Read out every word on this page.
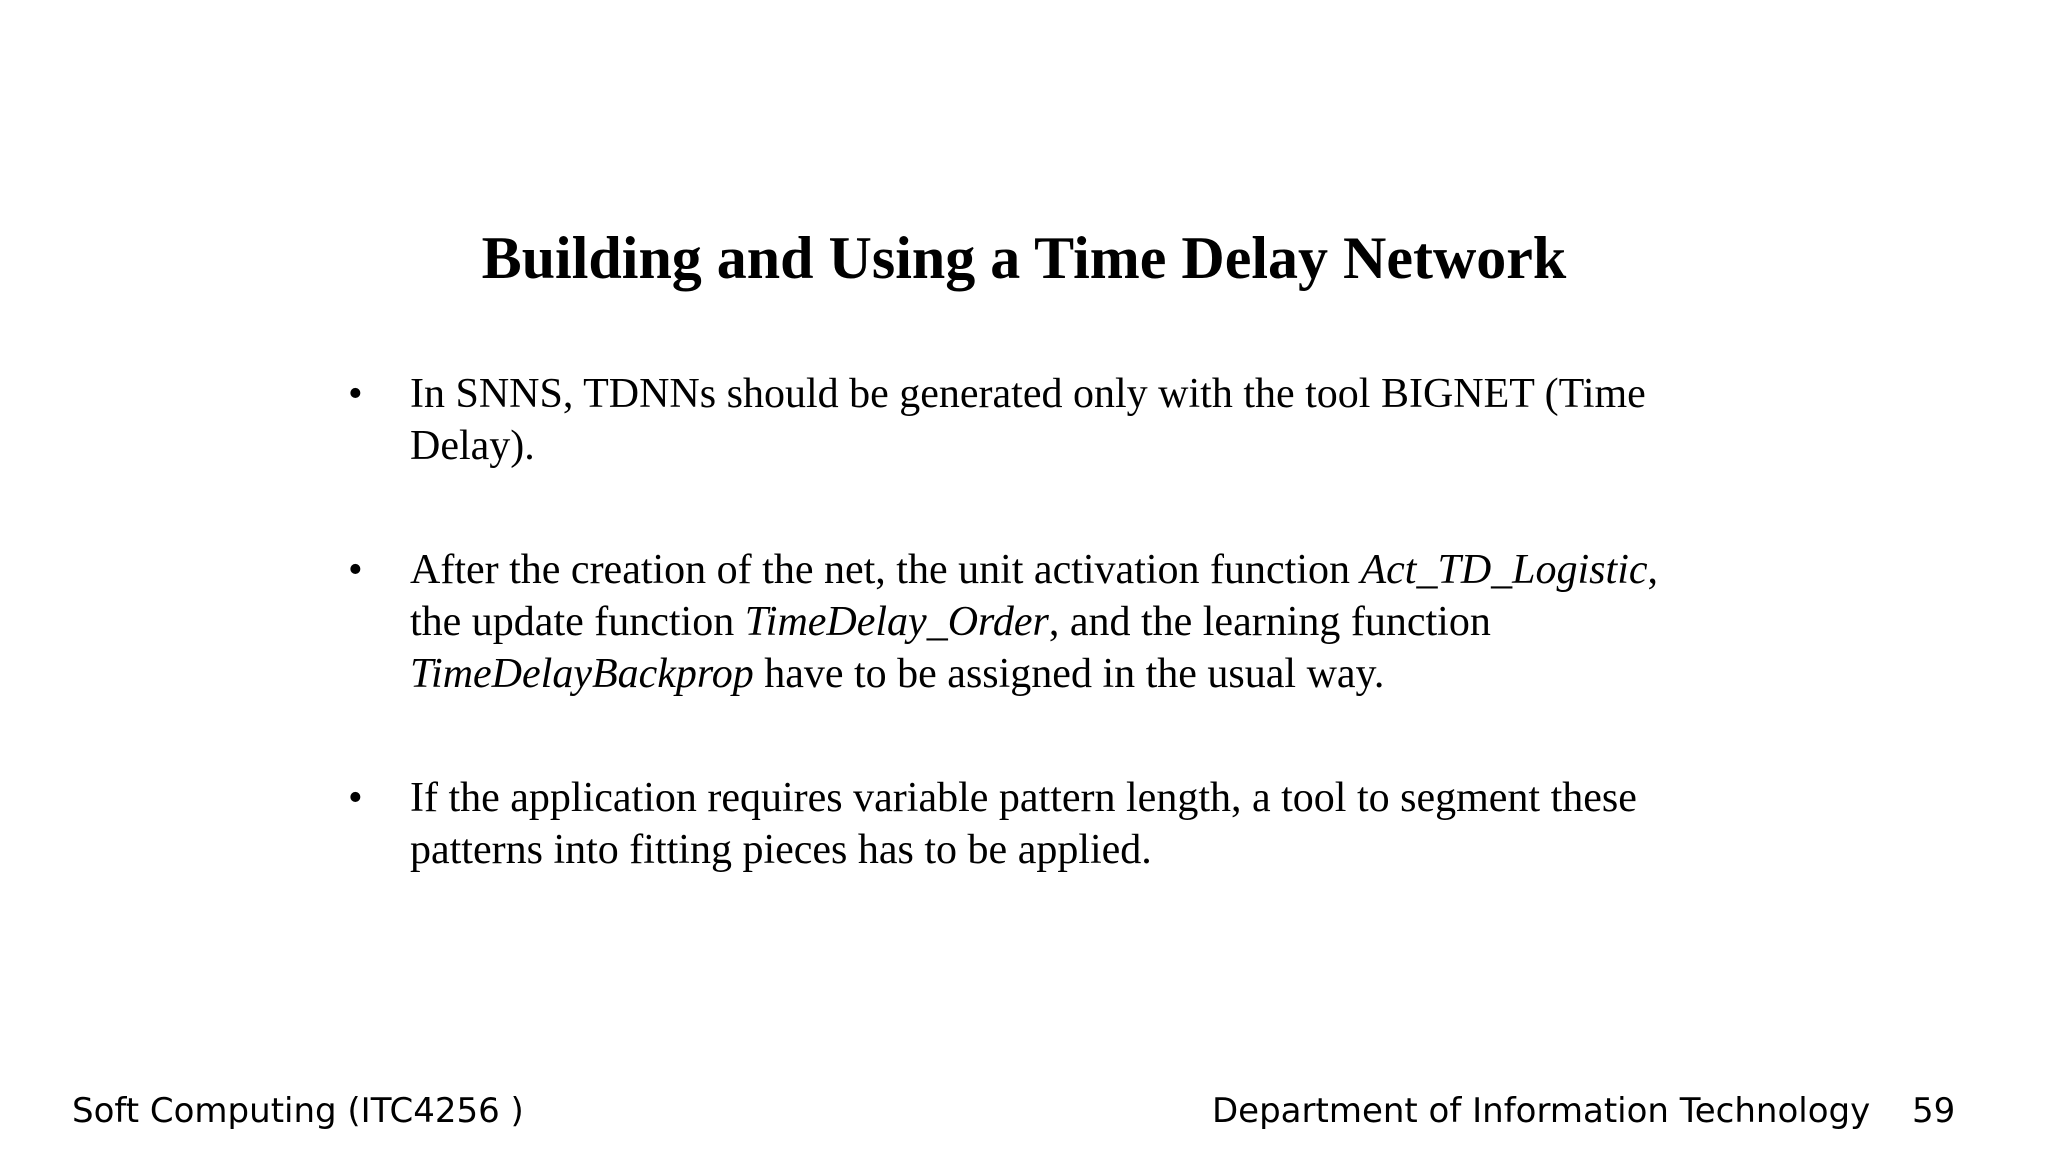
Building and Using a Time Delay Network
•	In SNNS, TDNNs should be generated only with the tool BIGNET (Time Delay).
•	After the creation of the net, the unit activation function Act_TD_Logistic, the update function TimeDelay_Order, and the learning function TimeDelayBackprop have to be assigned in the usual way.
•	If the application requires variable pattern length, a tool to segment these patterns into fitting pieces has to be applied.
Soft Computing (ITC4256 )	Department of Information Technology 59
